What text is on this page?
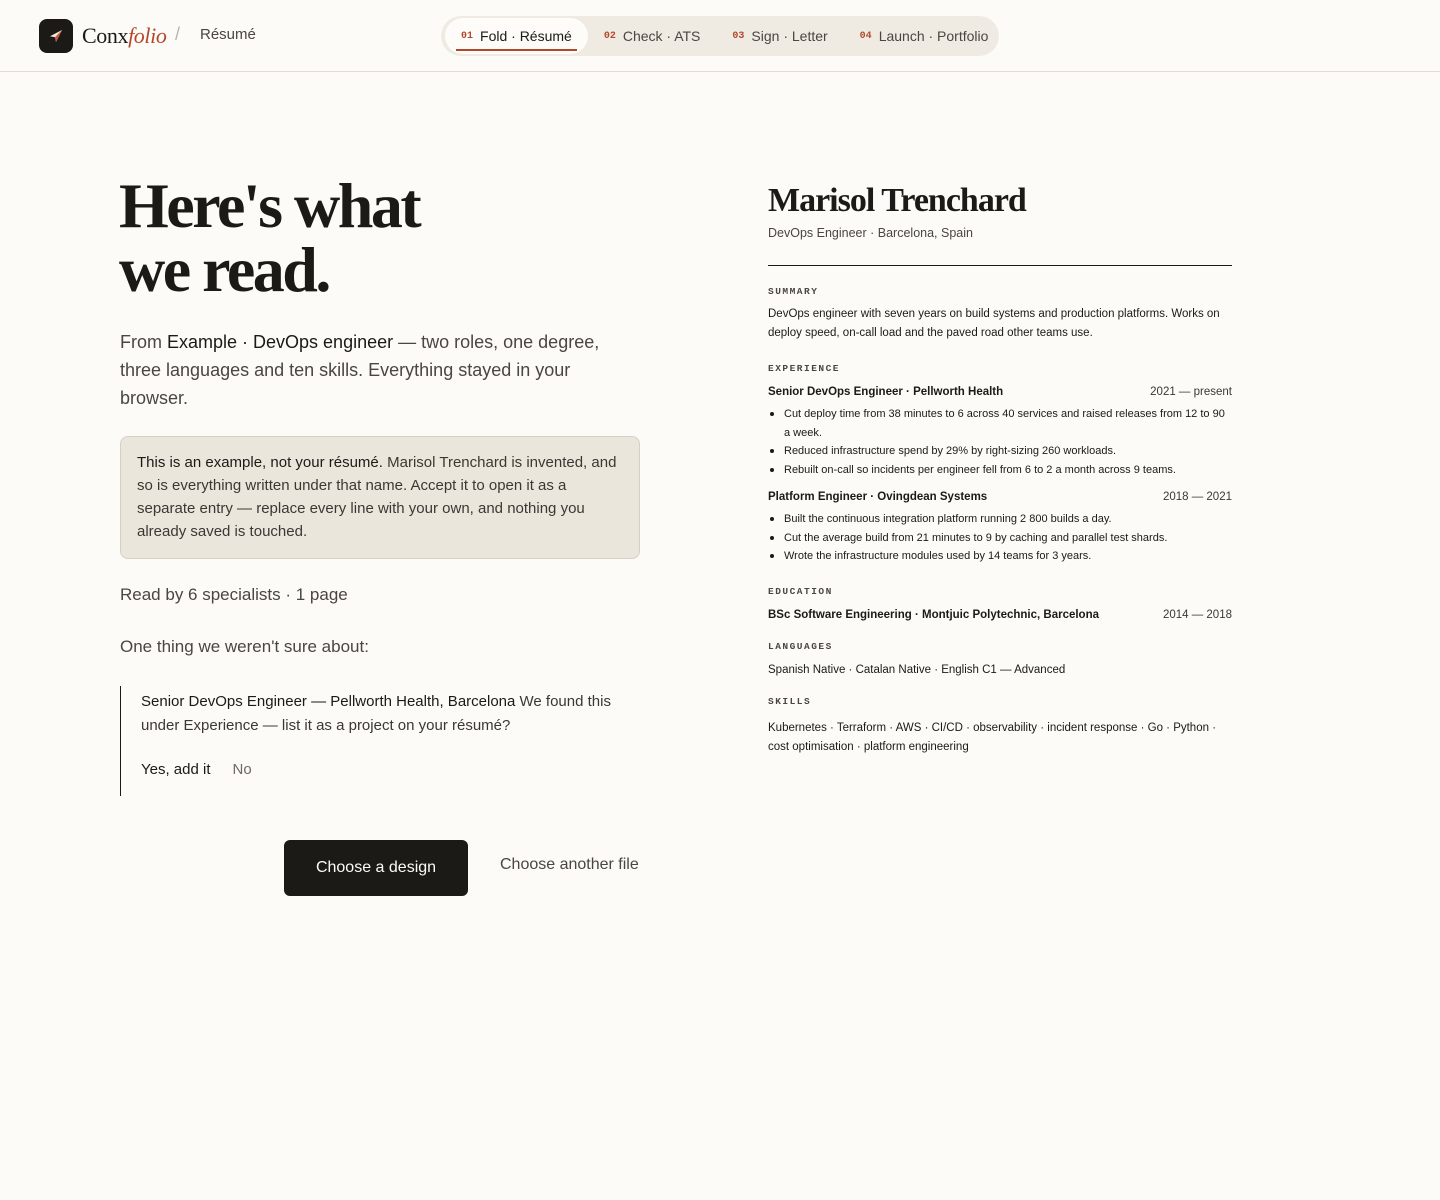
Conxfolio / Résumé	01 Fold · Résumé	02 Check · ATS	03 Sign · Letter	04 Launch · Portfolio
Here's what
we read.

From Example · DevOps engineer — two roles, one degree, three languages and ten skills. Everything stayed in your browser.

This is an example, not your résumé. Marisol Trenchard is invented, and so is everything written under that name. Accept it to open it as a separate entry — replace every line with your own, and nothing you already saved is touched.

Read by 6 specialists · 1 page

One thing we weren't sure about:

Senior DevOps Engineer — Pellworth Health, Barcelona We found this under Experience — list it as a project on your résumé?

Yes, add it No
Choose a design	Choose another file
Marisol Trenchard

DevOps Engineer · Barcelona, Spain

SUMMARY

DevOps engineer with seven years on build systems and production platforms. Works on deploy speed, on-call load and the paved road other teams use.

EXPERIENCE
Senior DevOps Engineer · Pellworth Health	2021 — present
Cut deploy time from 38 minutes to 6 across 40 services and raised releases from 12 to 90 a week.
Reduced infrastructure spend by 29% by right-sizing 260 workloads.
Rebuilt on-call so incidents per engineer fell from 6 to 2 a month across 9 teams.
Platform Engineer · Ovingdean Systems	2018 — 2021
Built the continuous integration platform running 2 800 builds a day.
Cut the average build from 21 minutes to 9 by caching and parallel test shards.
Wrote the infrastructure modules used by 14 teams for 3 years.
EDUCATION
BSc Software Engineering · Montjuic Polytechnic, Barcelona	2014 — 2018
LANGUAGES

Spanish Native · Catalan Native · English C1 — Advanced

SKILLS

Kubernetes · Terraform · AWS · CI/CD · observability · incident response · Go · Python · cost optimisation · platform engineering
